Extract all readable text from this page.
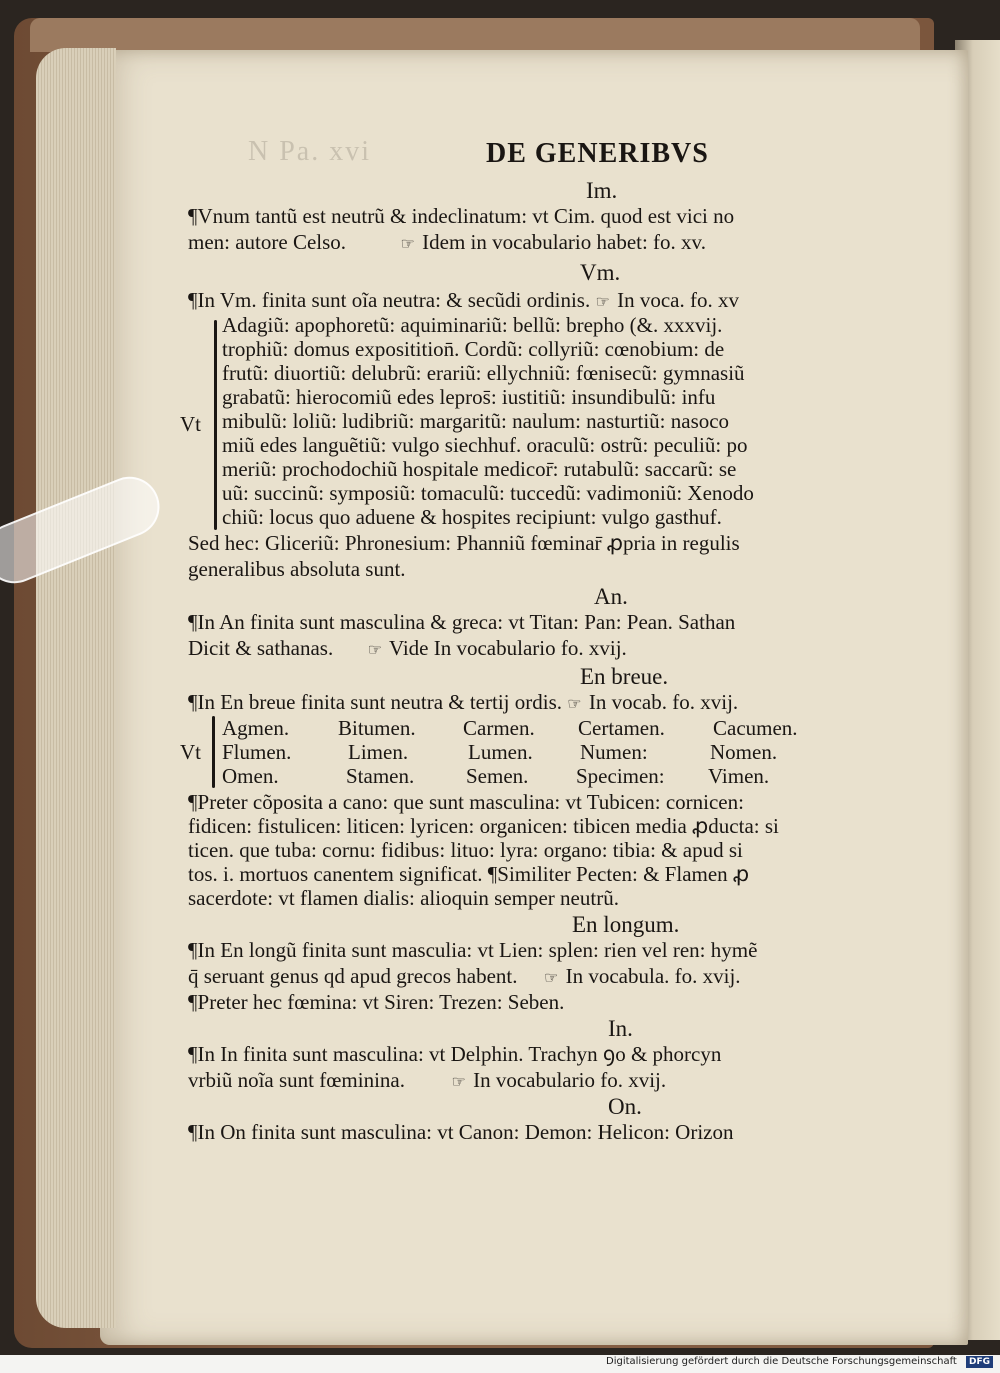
N Pa. xvi	DE GENERIBVS
Im.
¶Vnum tantũ est neutrũ & indeclinatum: vt Cim. quod est vici no
men: autore Celso.	☞ Idem in vocabulario habet: fo. xv.
Vm.
¶In Vm. finita sunt oĩa neutra: & secũdi ordinis. ☞ In voca. fo. xv
Vt
Adagiũ: apophoretũ: aquiminariũ: bellũ: brepho (&. xxxvij.
trophiũ: domus expositition̄. Cordũ: collyriũ: cœnobium: de
frutũ: diuortiũ: delubrũ: erariũ: ellychniũ: fœnisecũ: gymnasiũ
grabatũ: hierocomiũ edes lepros̄: iustitiũ: insundibulũ: infu
mibulũ: loliũ: ludibriũ: margaritũ: naulum: nasturtiũ: nasoco
miũ edes languẽtiũ: vulgo siechhuf. oraculũ: ostrũ: peculiũ: po
meriũ: prochodochiũ hospitale medicor̄: rutabulũ: saccarũ: se
uũ: succinũ: symposiũ: tomaculũ: tuccedũ: vadimoniũ: Xenodo
chiũ: locus quo aduene & hospites recipiunt: vulgo gasthuf.
Sed hec: Gliceriũ: Phronesium: Phanniũ fœminar̄ ꝓpria in regulis
generalibus absoluta sunt.
An.
¶In An finita sunt masculina & greca: vt Titan: Pan: Pean. Sathan
Dicit & sathanas. ☞ Vide In vocabulario fo. xvij.
En breue.
¶In En breue finita sunt neutra & tertij ordis. ☞ In vocab. fo. xvij.
Vt
Agmen. Bitumen. Carmen. Certamen. Cacumen.
Flumen.	Limen.	Lumen. Numen:	Nomen.
Omen.	Stamen. Semen. Specimen: Vimen.
¶Preter cõposita a cano: que sunt masculina: vt Tubicen: cornicen:
fidicen: fistulicen: liticen: lyricen: organicen: tibicen media ꝓducta: si
ticen. que tuba: cornu: fidibus: lituo: lyra: organo: tibia: & apud si
tos. i. mortuos canentem significat. ¶Similiter Pecten: & Flamen ꝓ
sacerdote: vt flamen dialis: alioquin semper neutrũ.
En longum.
¶In En longũ finita sunt masculia: vt Lien: splen: rien vel ren: hymẽ
q̄ seruant genus qd apud grecos habent. ☞ In vocabula. fo. xvij.
¶Preter hec fœmina: vt Siren: Trezen: Seben.
In.
¶In In finita sunt masculina: vt Delphin. Trachyn ꝯo & phorcyn
vrbiũ noĩa sunt fœminina.	☞ In vocabulario fo. xvij.
On.
¶In On finita sunt masculina: vt Canon: Demon: Helicon: Orizon
Digitalisierung gefördert durch die Deutsche Forschungsgemeinschaft	DFG
